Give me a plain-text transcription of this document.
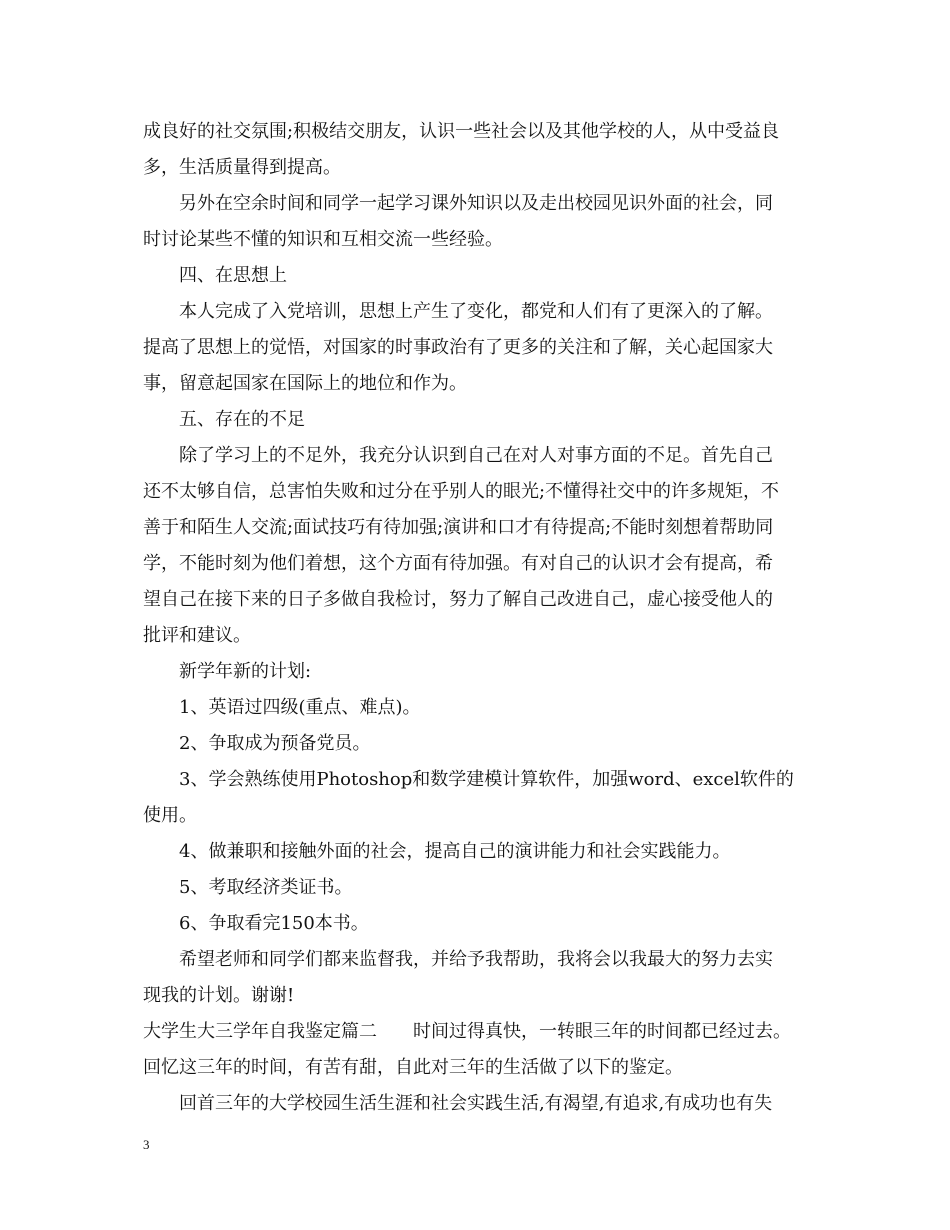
成良好的社交氛围;积极结交朋友，认识一些社会以及其他学校的人，从中受益良
多，生活质量得到提高。
另外在空余时间和同学一起学习课外知识以及走出校园见识外面的社会，同
时讨论某些不懂的知识和互相交流一些经验。
四、在思想上
本人完成了入党培训，思想上产生了变化，都党和人们有了更深入的了解。
提高了思想上的觉悟，对国家的时事政治有了更多的关注和了解，关心起国家大
事，留意起国家在国际上的地位和作为。
五、存在的不足
除了学习上的不足外，我充分认识到自己在对人对事方面的不足。首先自己
还不太够自信，总害怕失败和过分在乎别人的眼光;不懂得社交中的许多规矩，不
善于和陌生人交流;面试技巧有待加强;演讲和口才有待提高;不能时刻想着帮助同
学，不能时刻为他们着想，这个方面有待加强。有对自己的认识才会有提高，希
望自己在接下来的日子多做自我检讨，努力了解自己改进自己，虚心接受他人的
批评和建议。
新学年新的计划:
1、英语过四级(重点、难点)。
2、争取成为预备党员。
3、学会熟练使用Photoshop和数学建模计算软件，加强word、excel软件的
使用。
4、做兼职和接触外面的社会，提高自己的演讲能力和社会实践能力。
5、考取经济类证书。
6、争取看完150本书。
希望老师和同学们都来监督我，并给予我帮助，我将会以我最大的努力去实
现我的计划。谢谢!
大学生大三学年自我鉴定篇二　　时间过得真快，一转眼三年的时间都已经过去。
回忆这三年的时间，有苦有甜，自此对三年的生活做了以下的鉴定。
回首三年的大学校园生活生涯和社会实践生活,有渴望,有追求,有成功也有失
3
